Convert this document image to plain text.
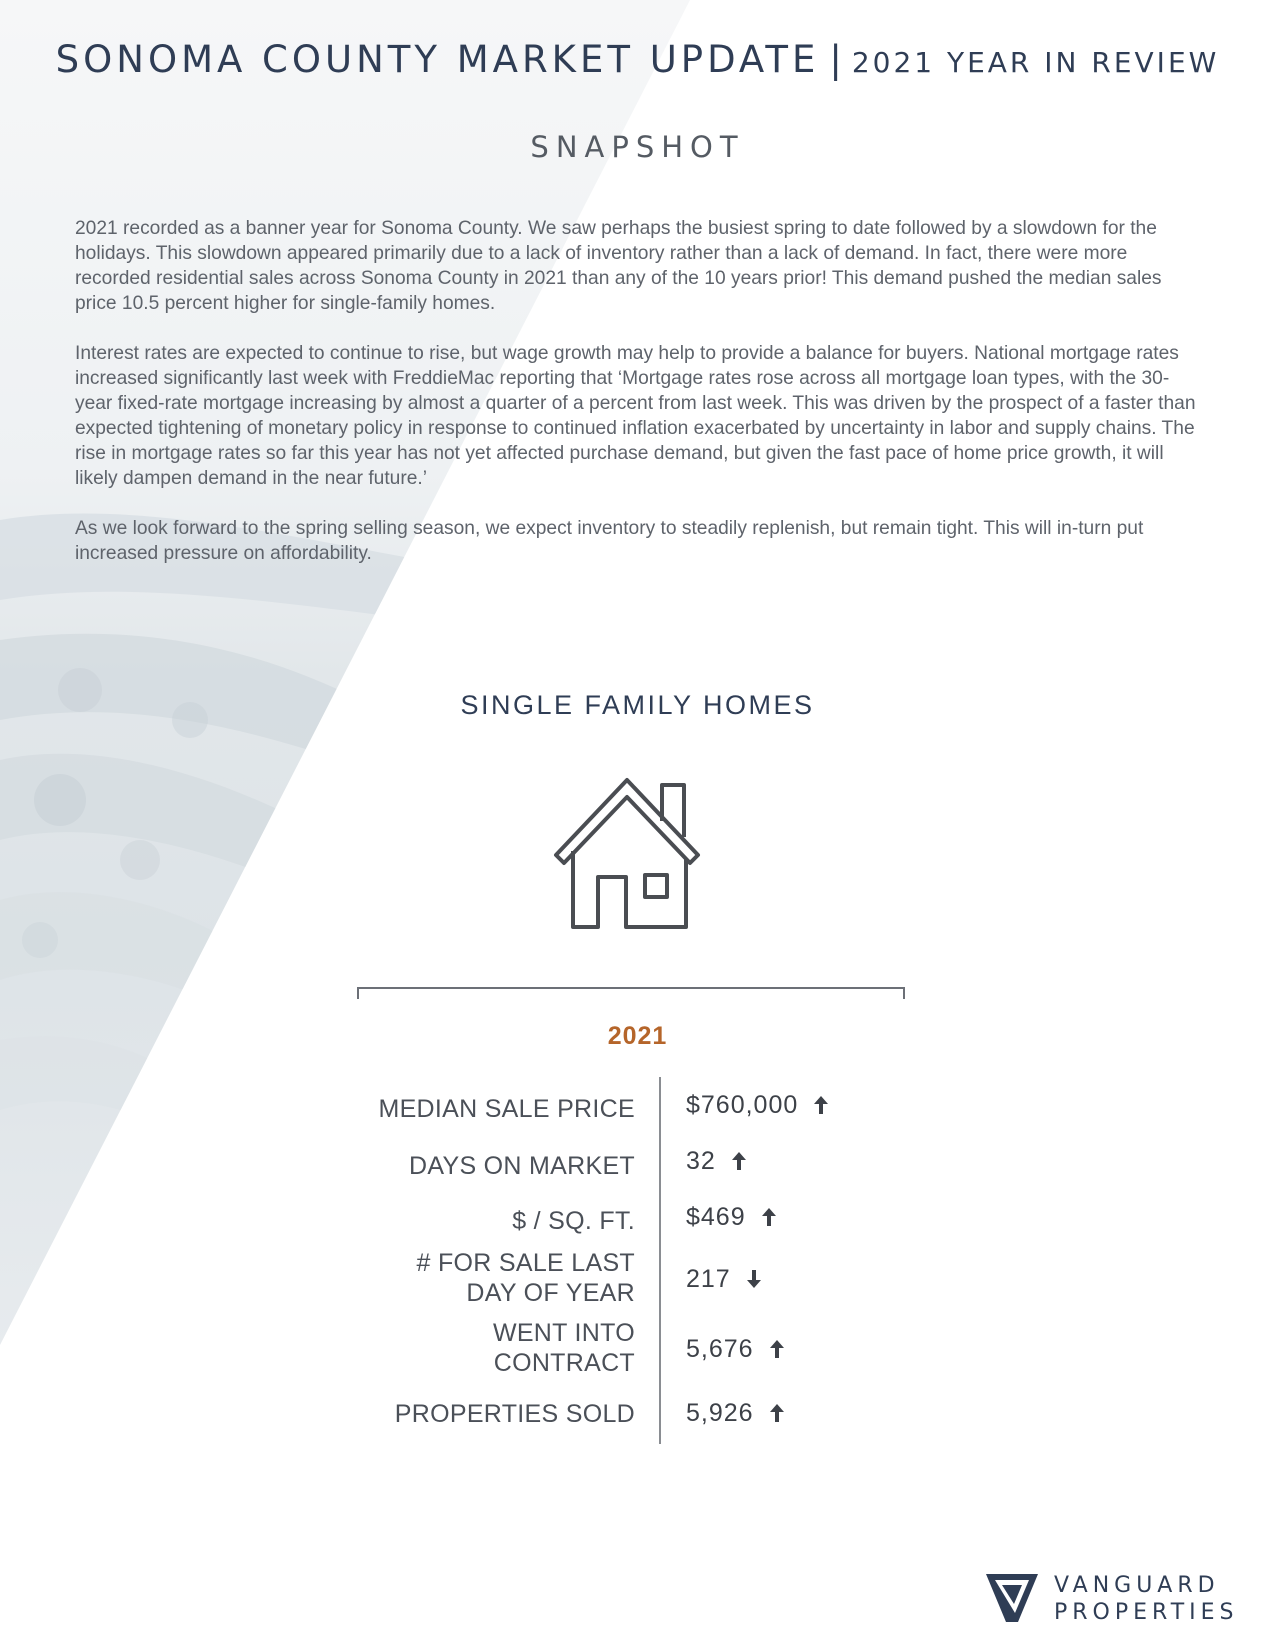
SONOMA COUNTY MARKET UPDATE | 2021 YEAR IN REVIEW
SNAPSHOT

2021 recorded as a banner year for Sonoma County. We saw perhaps the busiest spring to date followed by a slowdown for the holidays. This slowdown appeared primarily due to a lack of inventory rather than a lack of demand. In fact, there were more recorded residential sales across Sonoma County in 2021 than any of the 10 years prior! This demand pushed the median sales price 10.5 percent higher for single-family homes.

Interest rates are expected to continue to rise, but wage growth may help to provide a balance for buyers. National mortgage rates increased significantly last week with FreddieMac reporting that ‘Mortgage rates rose across all mortgage loan types, with the 30-year fixed-rate mortgage increasing by almost a quarter of a percent from last week. This was driven by the prospect of a faster than expected tightening of monetary policy in response to continued inflation exacerbated by uncertainty in labor and supply chains. The rise in mortgage rates so far this year has not yet affected purchase demand, but given the fast pace of home price growth, it will likely dampen demand in the near future.’

As we look forward to the spring selling season, we expect inventory to steadily replenish, but remain tight. This will in-turn put increased pressure on affordability.

SINGLE FAMILY HOMES
2021
MEDIAN SALE PRICE $760,000
DAYS ON MARKET 32
$ / SQ. FT. $469
# FOR SALE LAST
DAY OF YEAR 217
WENT INTO
CONTRACT 5,676
PROPERTIES SOLD 5,926
VANGUARD
PROPERTIES
